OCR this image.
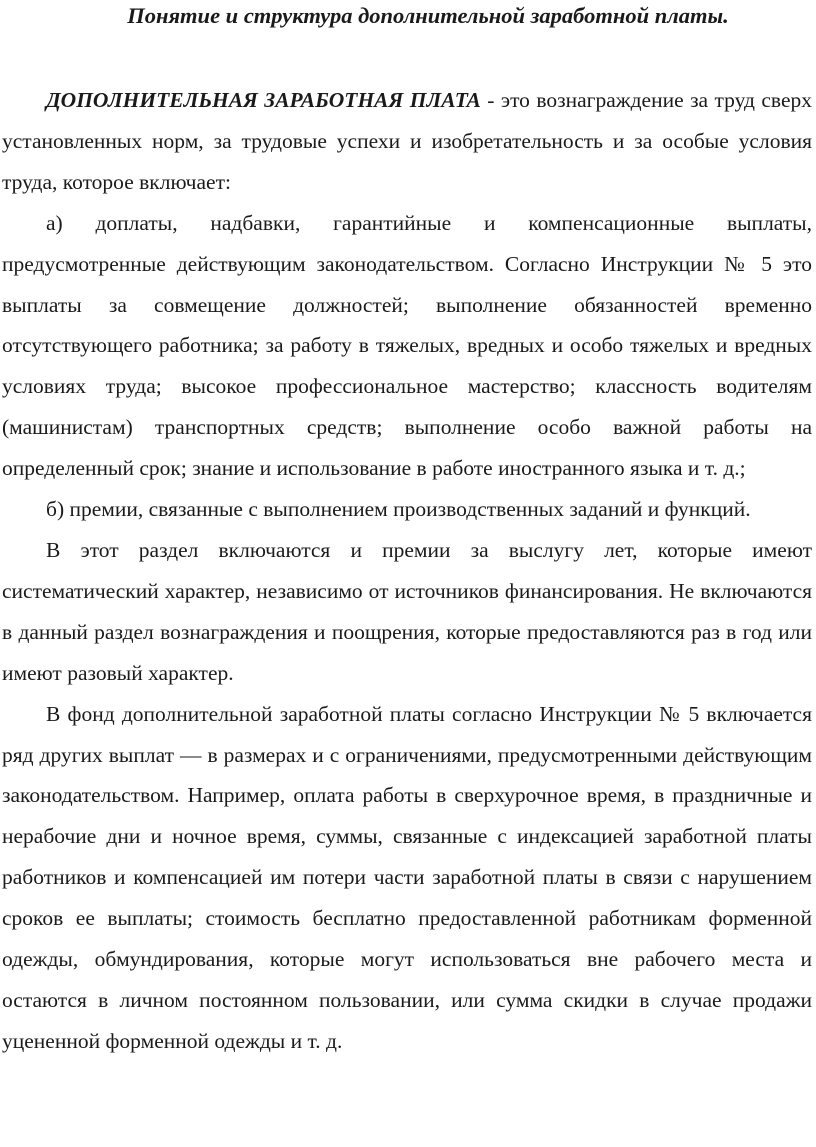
Понятие и структура дополнительной заработной платы.

ДОПОЛНИТЕЛЬНАЯ ЗАРАБОТНАЯ ПЛАТА - это вознаграждение за труд сверх установленных норм, за трудовые успехи и изобретательность и за особые условия труда, которое включает:

а) доплаты, надбавки, гарантийные и компенсационные выплаты, предусмотренные действующим законодательством. Согласно Инструкции № 5 это выплаты за совмещение должностей; выполнение обязанностей временно отсутствующего работника; за работу в тяжелых, вредных и особо тяжелых и вредных условиях труда; высокое профессиональное мастерство; классность водителям (машинистам) транспортных средств; выполнение особо важной работы на определенный срок; знание и использование в работе иностранного языка и т. д.;

б) премии, связанные с выполнением производственных заданий и функций.

В этот раздел включаются и премии за выслугу лет, которые имеют систематический характер, независимо от источников финансирования. Не включаются в данный раздел вознаграждения и поощрения, которые предоставляются раз в год или имеют разовый характер.

В фонд дополнительной заработной платы согласно Инструкции № 5 включается ряд других выплат — в размерах и с ограничениями, предусмотренными действующим законодательством. Например, оплата работы в сверхурочное время, в праздничные и нерабочие дни и ночное время, суммы, связанные с индексацией заработной платы работников и компенсацией им потери части заработной платы в связи с нарушением сроков ее выплаты; стоимость бесплатно предоставленной работникам форменной одежды, обмундирования, которые могут использоваться вне рабочего места и остаются в личном постоянном пользовании, или сумма скидки в случае продажи уцененной форменной одежды и т. д.
